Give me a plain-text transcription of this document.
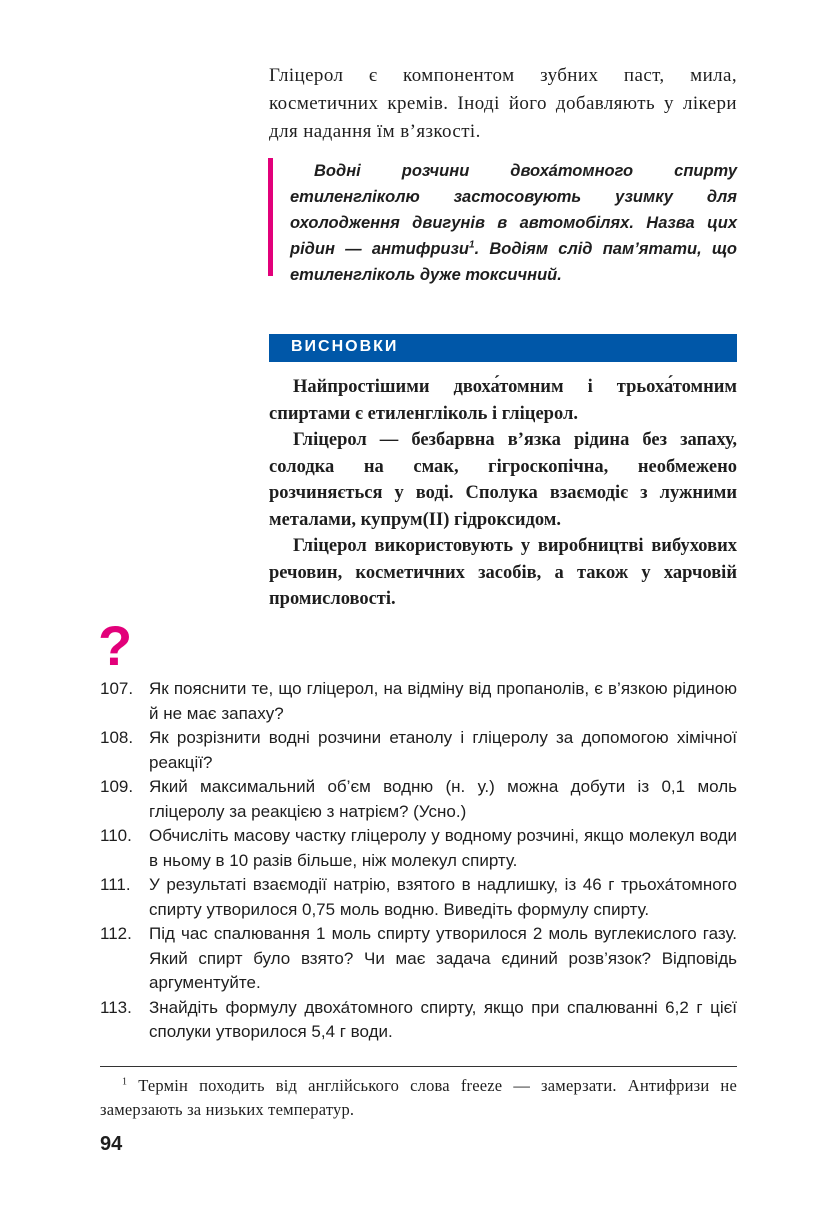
Гліцерол є компонентом зубних паст, мила, косметичних кремів. Іноді його добавляють у лікери для надання їм в’язкості.

Водні розчини двоха́томного спирту етиленгліколю застосовують узимку для охолодження двигунів в автомобілях. Назва цих рідин — антифризи$^1$. Водіям слід пам’ятати, що етиленгліколь дуже токсичний.

ВИСНОВКИ

Найпростішими двоха́томним і трьоха́томним спиртами є етиленгліколь і гліцерол.

Гліцерол — безбарвна в’язка рідина без запаху, солодка на смак, гігроскопічна, необмежено розчиняється у воді. Сполука взаємодіє з лужними металами, купрум(ІІ) гідроксидом.

Гліцерол використовують у виробництві вибухових речовин, косметичних засобів, а також у харчовій промисловості.

?
107. Як пояснити те, що гліцерол, на відміну від пропанолів, є в’язкою рідиною й не має запаху?
108. Як розрізнити водні розчини етанолу і гліцеролу за допомогою хімічної реакції?
109. Який максимальний об’єм водню (н. у.) можна добути із 0,1 моль гліцеролу за реакцією з натрієм? (Усно.)
110. Обчисліть масову частку гліцеролу у водному розчині, якщо молекул води в ньому в 10 разів більше, ніж молекул спирту.
111. У результаті взаємодії натрію, взятого в надлишку, із 46 г трьоха́томного спирту утворилося 0,75 моль водню. Виведіть формулу спирту.
112. Під час спалювання 1 моль спирту утворилося 2 моль вуглекислого газу. Який спирт було взято? Чи має задача єдиний розв’язок? Відповідь аргументуйте.
113. Знайдіть формулу двоха́томного спирту, якщо при спалюванні 6,2 г цієї сполуки утворилося 5,4 г води.

$^1$ Термін походить від англійського слова freeze — замерзати. Антифризи не замерзають за низьких температур.

94
